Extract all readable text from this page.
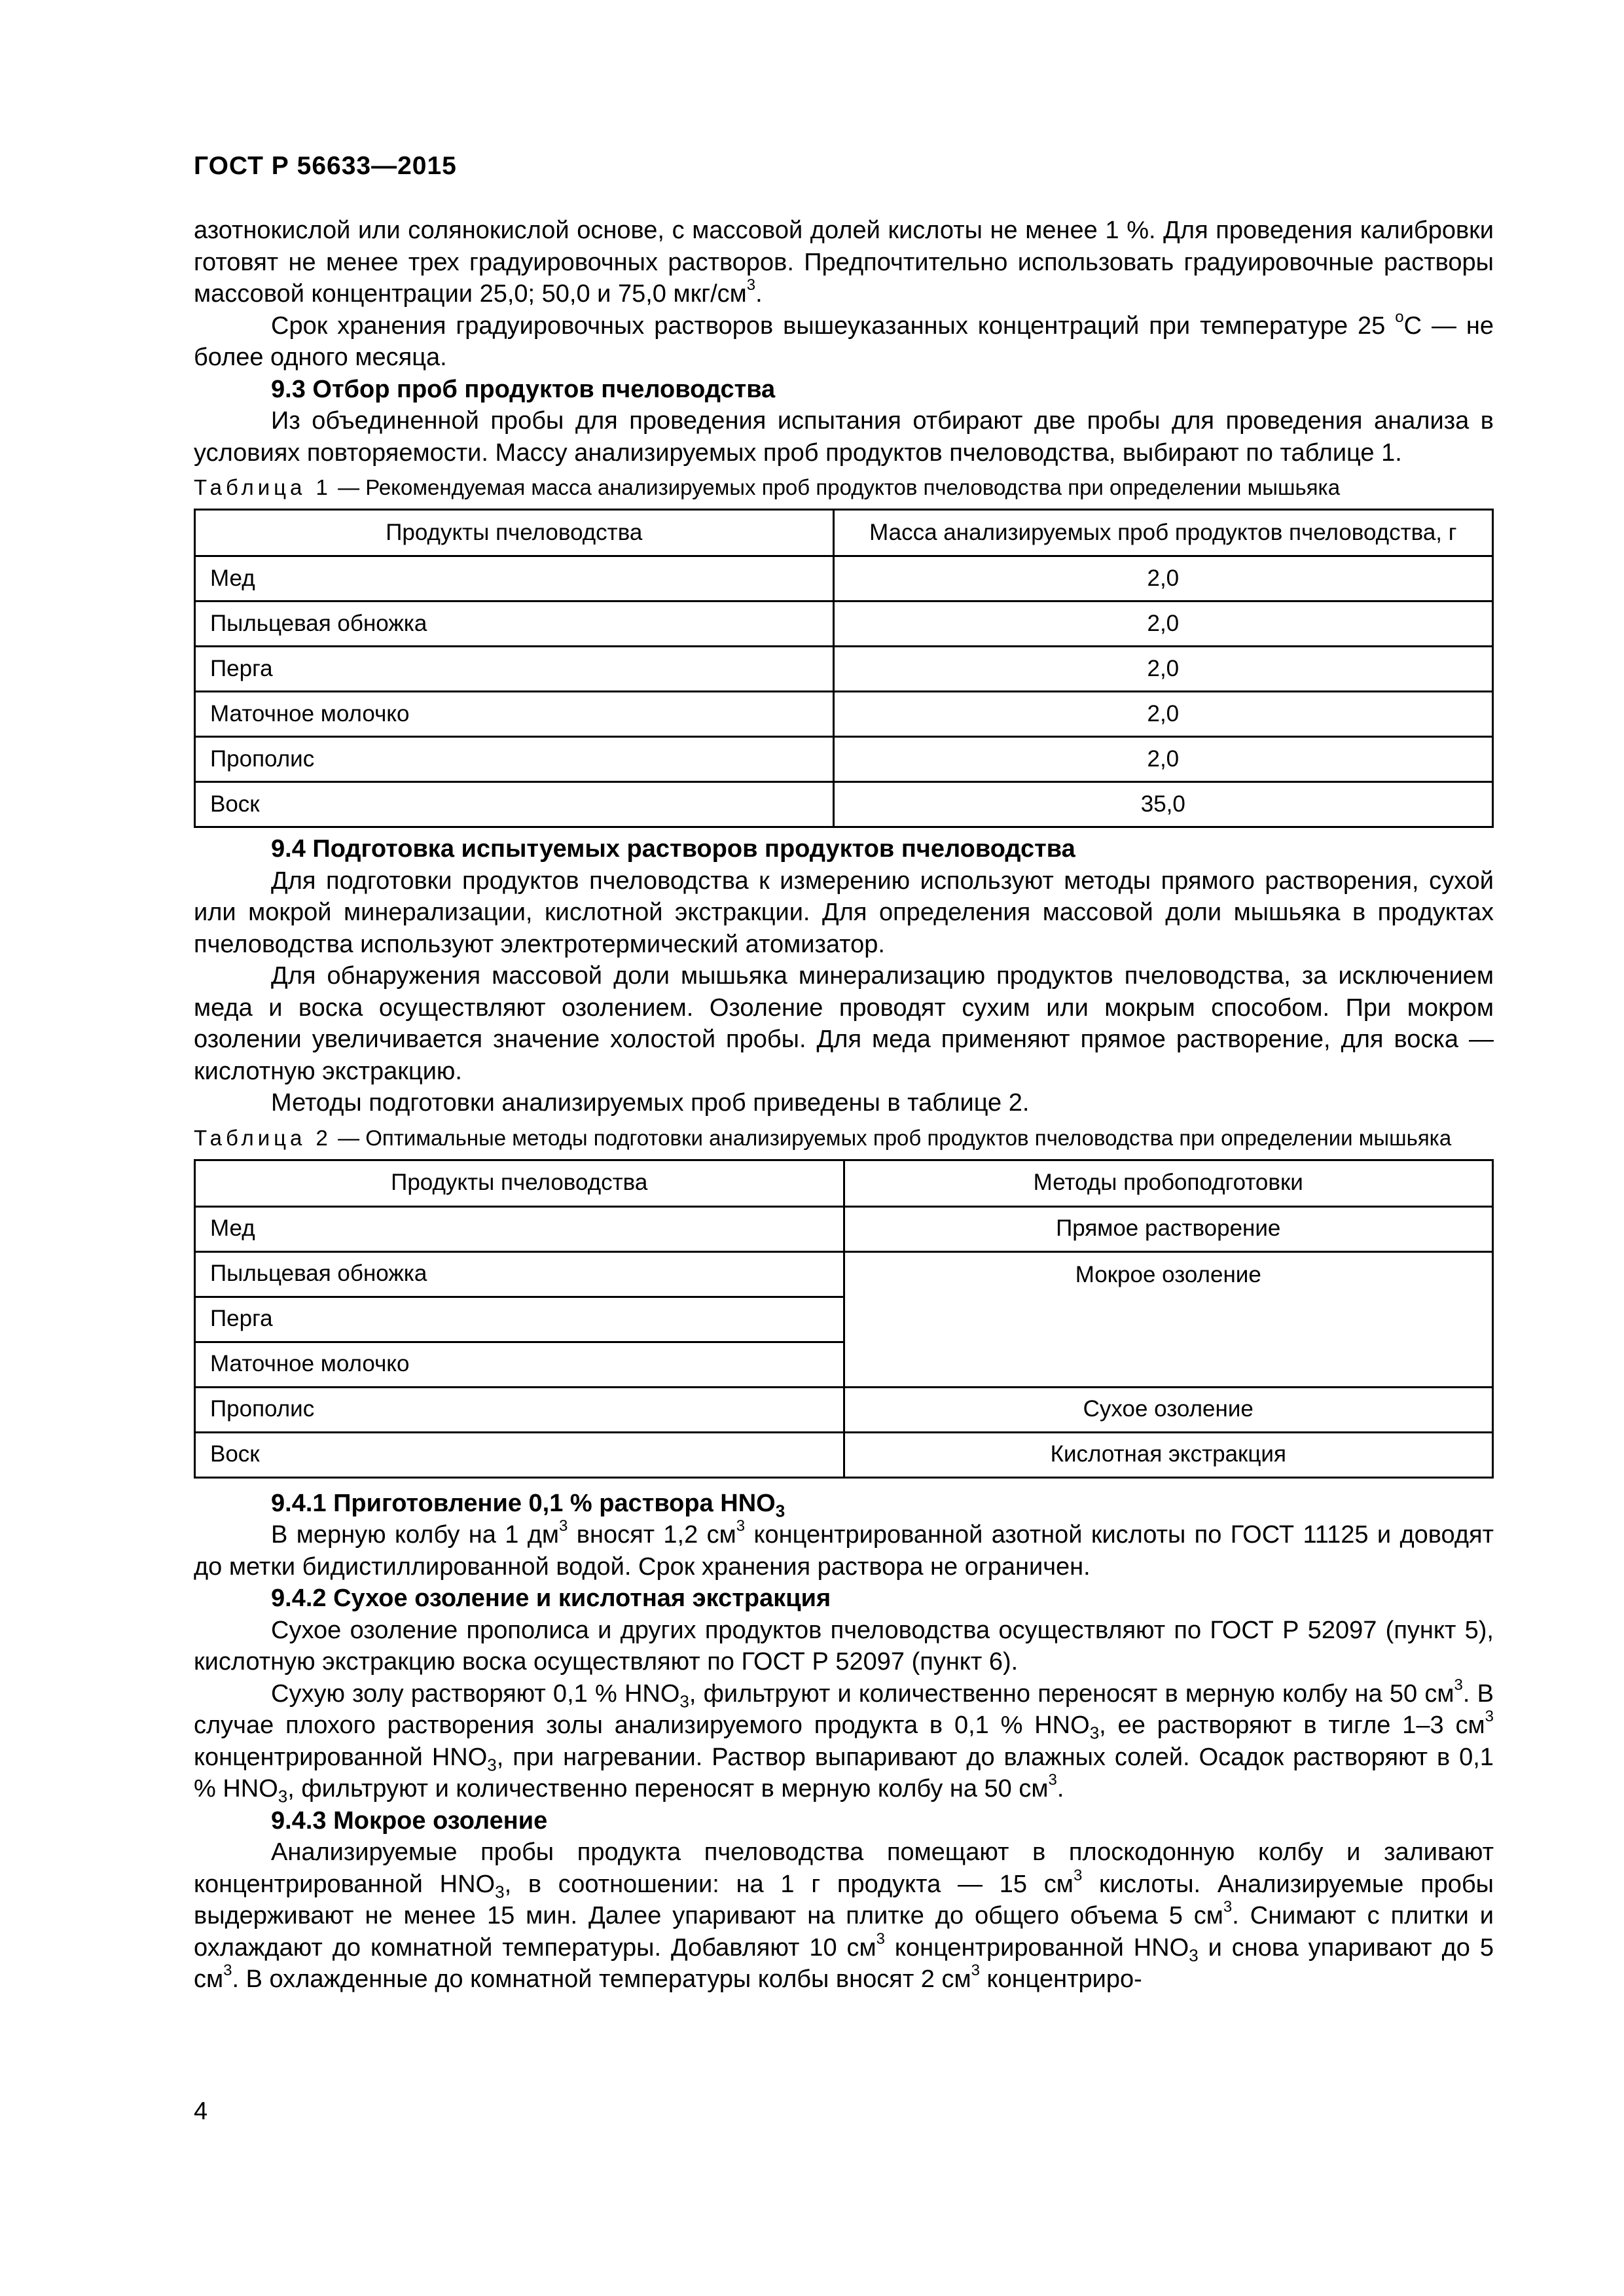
ГОСТ Р 56633—2015

азотнокислой или солянокислой основе, с массовой долей кислоты не менее 1 %. Для проведения калибровки готовят не менее трех градуировочных растворов. Предпочтительно использовать градуировочные растворы массовой концентрации 25,0; 50,0 и 75,0 мкг/$см^3$.

Срок хранения градуировочных растворов вышеуказанных концентраций при температуре 25 $^о$С — не более одного месяца.

9.3 Отбор проб продуктов пчеловодства

Из объединенной пробы для проведения испытания отбирают две пробы для проведения анализа в условиях повторяемости. Массу анализируемых проб продуктов пчеловодства, выбирают по таблице 1.

Таблица 1 — Рекомендуемая масса анализируемых проб продуктов пчеловодства при определении мышьяка
Продукты пчеловодства	Масса анализируемых проб продуктов пчеловодства, г
Мед	2,0
Пыльцевая обножка	2,0
Перга	2,0
Маточное молочко	2,0
Прополис	2,0
Воск	35,0

9.4 Подготовка испытуемых растворов продуктов пчеловодства

Для подготовки продуктов пчеловодства к измерению используют методы прямого растворения, сухой или мокрой минерализации, кислотной экстракции. Для определения массовой доли мышьяка в продуктах пчеловодства используют электротермический атомизатор.

Для обнаружения массовой доли мышьяка минерализацию продуктов пчеловодства, за исключением меда и воска осуществляют озолением. Озоление проводят сухим или мокрым способом. При мокром озолении увеличивается значение холостой пробы. Для меда применяют прямое растворение, для воска — кислотную экстракцию.

Методы подготовки анализируемых проб приведены в таблице 2.

Таблица 2 — Оптимальные методы подготовки анализируемых проб продуктов пчеловодства при определении мышьяка
Продукты пчеловодства	Методы пробоподготовки
Мед	Прямое растворение
Пыльцевая обножка	Мокрое озоление
Перга	
Маточное молочко	
Прополис	Сухое озоление
Воск	Кислотная экстракция

9.4.1 Приготовление 0,1 % раствора $HNO_3$

В мерную колбу на 1 $дм^3$ вносят 1,2 $см^3$ концентрированной азотной кислоты по ГОСТ 11125 и доводят до метки бидистиллированной водой. Срок хранения раствора не ограничен.

9.4.2 Сухое озоление и кислотная экстракция

Сухое озоление прополиса и других продуктов пчеловодства осуществляют по ГОСТ Р 52097 (пункт 5), кислотную экстракцию воска осуществляют по ГОСТ Р 52097 (пункт 6).

Сухую золу растворяют 0,1 % $HNO_3$, фильтруют и количественно переносят в мерную колбу на 50 $см^3$. В случае плохого растворения золы анализируемого продукта в 0,1 % $HNO_3$, ее растворяют в тигле 1–3 $см^3$ концентрированной $HNO_3$, при нагревании. Раствор выпаривают до влажных солей. Осадок растворяют в 0,1 % $HNO_3$, фильтруют и количественно переносят в мерную колбу на 50 $см^3$.

9.4.3 Мокрое озоление

Анализируемые пробы продукта пчеловодства помещают в плоскодонную колбу и заливают концентрированной $HNO_3$, в соотношении: на 1 г продукта — 15 $см^3$ кислоты. Анализируемые пробы выдерживают не менее 15 мин. Далее упаривают на плитке до общего объема 5 $см^3$. Снимают с плитки и охлаждают до комнатной температуры. Добавляют 10 $см^3$ концентрированной $HNO_3$ и снова упаривают до 5 $см^3$. В охлажденные до комнатной температуры колбы вносят 2 $см^3$ концентриро-

4
